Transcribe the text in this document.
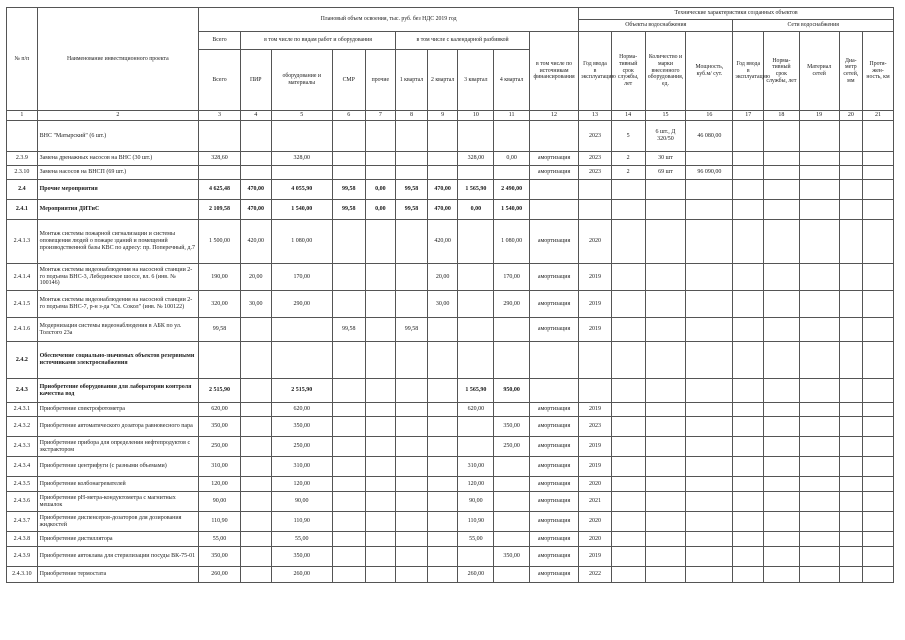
№ п/п	Наименование инвестиционного проекта	Плановый объем освоения, тыс. руб. без НДС 2019 год										Технические характеристики созданных объектов								
												Объекты водоснабжения				Сети водоснабжения				
		Всего	в том числе по видам работ и оборудования				в том числе с календарной разбивкой				в том числе по источникам финансирования	Год ввода в эксплуатацию	Норма-тивный срок службы, лет	Количество и марки внесенного оборудования, ед.	Мощность, куб.м/ сут.	Год ввода в эксплуатацию	Норма-тивный срок службы, лет	Материал сетей	Диа-метр сетей, мм	Протя-жен-ность, км
		Всего	ПИР	оборудование и материалы	СМР	прочие	1 квартал	2 квартал	3 квартал	4 квартал										
1	2	3	4	5	6	7	8	9	10	11	12	13	14	15	16	17	18	19	20	21
	ВНС "Матырский" (6 шт.)											2023	5	6 шт., Д 320/50	46 080,00					
2.3.9	Замена дренажных насосов на ВНС (30 шт.)	328,60		328,00					328,00	0,00	амортизация	2023	2	30 шт						
2.3.10	Замена насосов на ВНСП (69 шт.)										амортизация	2023	2	69 шт	96 090,00					
2.4	Прочие мероприятия	4 625,48	470,00	4 055,90	99,58	0,00	99,58	470,00	1 565,90	2 490,00										
2.4.1	Мероприятия ДИТиС	2 109,58	470,00	1 540,00	99,58	0,00	99,58	470,00	0,00	1 540,00										
2.4.1.3	Монтаж системы пожарной сигнализации и системы оповещения людей о пожаре зданий и помещений производственной базы КВС по адресу: пр. Поперечный, д.7	1 500,00	420,00	1 080,00				420,00		1 080,00	амортизация	2020								
2.4.1.4	Монтаж системы видеонаблюдения на насосной станции 2-го подъема ВНС-3, Лебединское шоссе, вл. 6 (инв. № 100146)	190,00	20,00	170,00				20,00		170,00	амортизация	2019								
2.4.1.5	Монтаж системы видеонаблюдения на насосной станции 2-го подъема ВНС-7, р-н з-да "Св. Сокол" (инв. № 100122)	320,00	30,00	290,00				30,00		290,00	амортизация	2019								
2.4.1.6	Модернизация системы видеонаблюдения в АБК по ул. Толстого 23а	99,58			99,58		99,58				амортизация	2019								
2.4.2	Обеспечение социально-значимых объектов резервными источниками электроснабжения																			
2.4.3	Приобретение оборудования для лаборатории контроля качества вод	2 515,90		2 515,90					1 565,90	950,00										
2.4.3.1	Приобретение спектрофотометра	620,00		620,00					620,00		амортизация	2019								
2.4.3.2	Приобретение автоматического дозатора равновесного пара	350,00		350,00						350,00	амортизация	2023								
2.4.3.3	Приобретение прибора для определения нефтепродуктов с экстрактором	250,00		250,00						250,00	амортизация	2019								
2.4.3.4	Приобретение центрифуги (с разными объемами)	310,00		310,00					310,00		амортизация	2019								
2.4.3.5	Приобретение колбонагревателей	120,00		120,00					120,00		амортизация	2020								
2.4.3.6	Приобретение рН-метра-кондуктометра с магнитных мешалок	90,00		90,00					90,00		амортизация	2021								
2.4.3.7	Приобретение диспенсеров-дозаторов для дозирования жидкостей	110,90		110,90					110,90		амортизация	2020								
2.4.3.8	Приобретение дистиллятора	55,00		55,00					55,00		амортизация	2020								
2.4.3.9	Приобретение автоклава для стерилизации посуды ВК-75-01	350,00		350,00						350,00	амортизация	2019								
2.4.3.10	Приобретение термостата	260,00		260,00					260,00		амортизация	2022								
